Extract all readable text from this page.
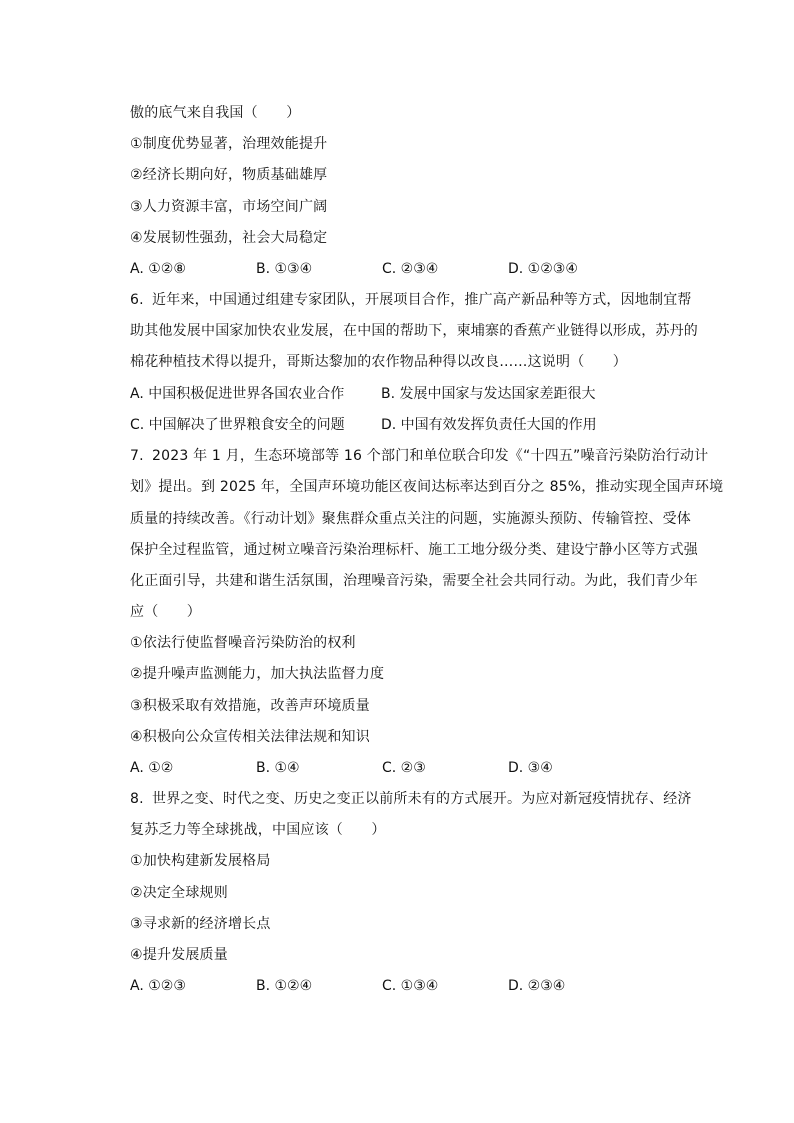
傲的底气来自我国（　　）
①制度优势显著，治理效能提升
②经济长期向好，物质基础雄厚
③人力资源丰富，市场空间广阔
④发展韧性强劲，社会大局稳定
A. ①②⑧	B. ①③④	C. ②③④	D. ①②③④
6. 近年来，中国通过组建专家团队，开展项目合作，推广高产新品种等方式，因地制宜帮
助其他发展中国家加快农业发展，在中国的帮助下，柬埔寨的香蕉产业链得以形成，苏丹的
棉花种植技术得以提升，哥斯达黎加的农作物品种得以改良……这说明（　　）
A. 中国积极促进世界各国农业合作	B. 发展中国家与发达国家差距很大
C. 中国解决了世界粮食安全的问题	D. 中国有效发挥负责任大国的作用
7. 2023 年 1 月，生态环境部等 16 个部门和单位联合印发《“十四五”噪音污染防治行动计
划》提出。到 2025 年，全国声环境功能区夜间达标率达到百分之 85%，推动实现全国声环境
质量的持续改善。《行动计划》聚焦群众重点关注的问题，实施源头预防、传输管控、受体
保护全过程监管，通过树立噪音污染治理标杆、施工工地分级分类、建设宁静小区等方式强
化正面引导，共建和谐生活氛围，治理噪音污染，需要全社会共同行动。为此，我们青少年
应（　　）
①依法行使监督噪音污染防治的权利
②提升噪声监测能力，加大执法监督力度
③积极采取有效措施，改善声环境质量
④积极向公众宣传相关法律法规和知识
A. ①②	B. ①④	C. ②③	D. ③④
8. 世界之变、时代之变、历史之变正以前所未有的方式展开。为应对新冠疫情扰存、经济
复苏乏力等全球挑战，中国应该（　　）
①加快构建新发展格局
②决定全球规则
③寻求新的经济增长点
④提升发展质量
A. ①②③	B. ①②④	C. ①③④	D. ②③④
